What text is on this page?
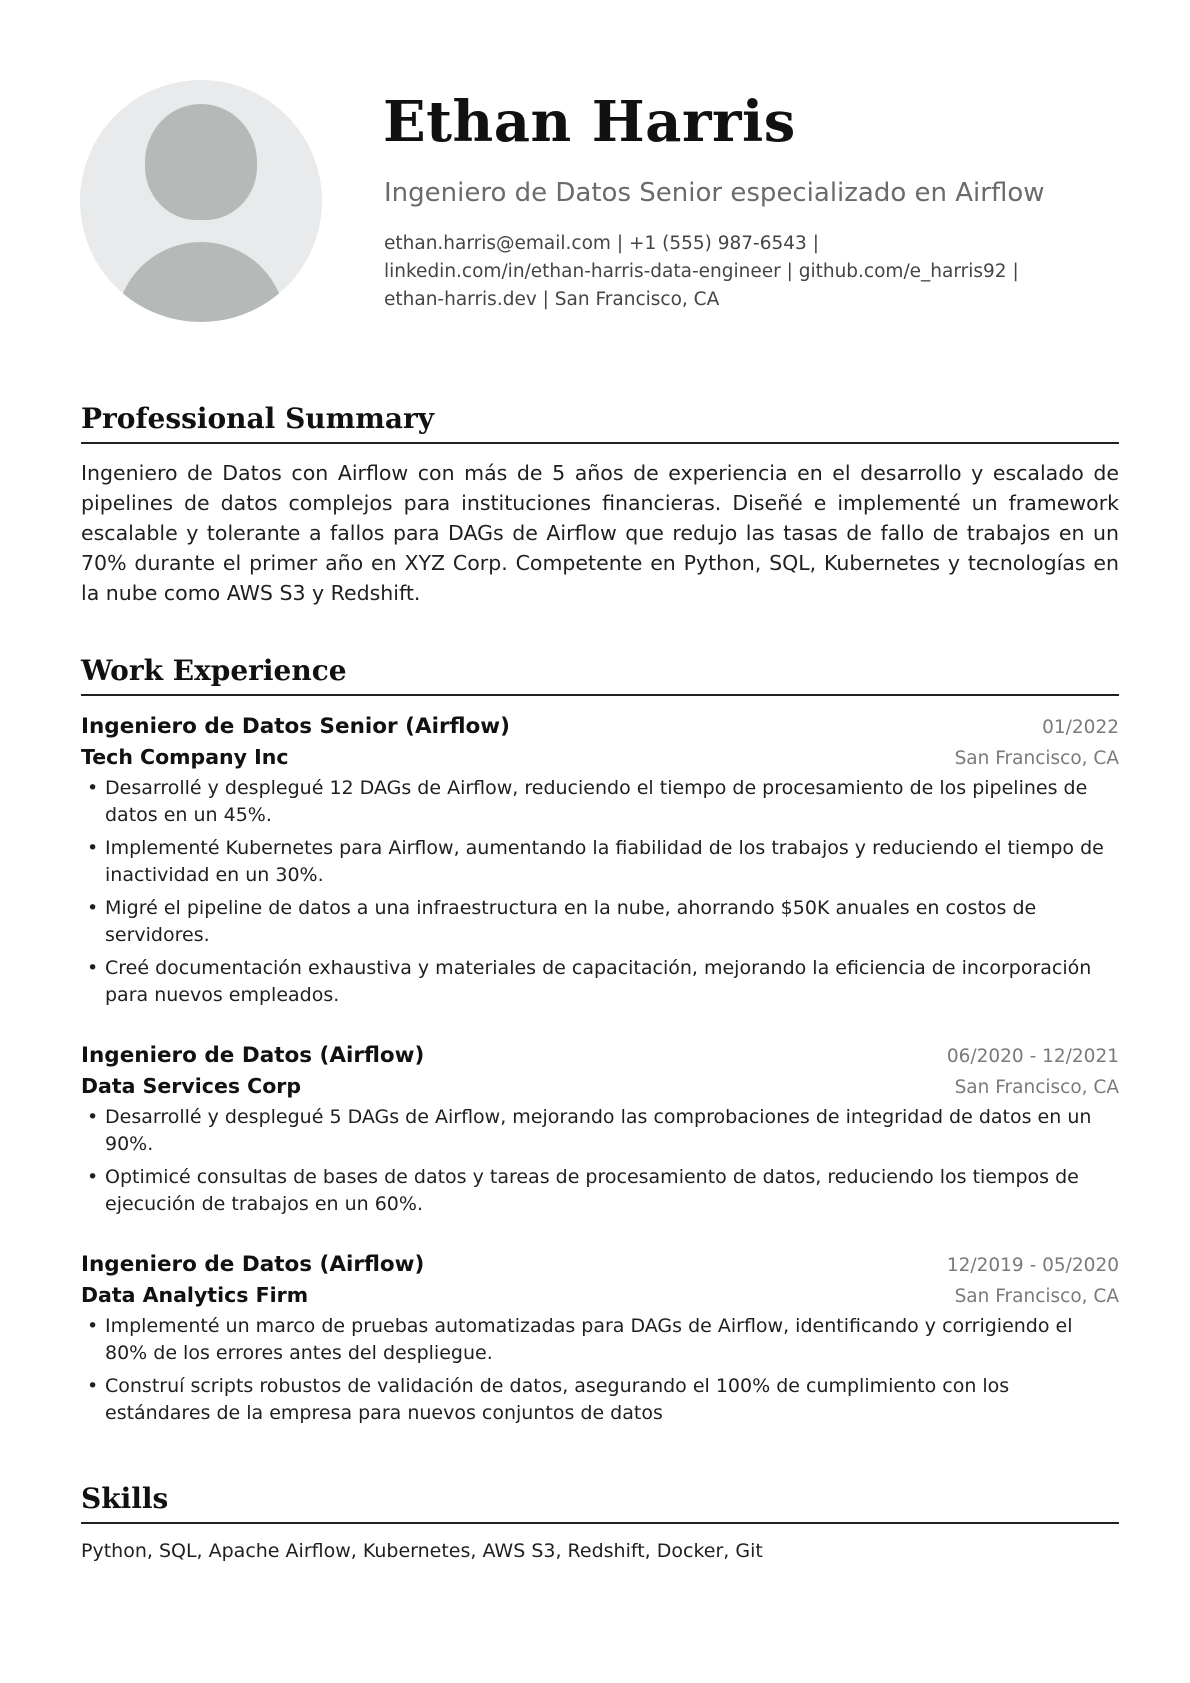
Ethan Harris
Ingeniero de Datos Senior especializado en Airflow
ethan.harris@email.com | +1 (555) 987-6543 |
linkedin.com/in/ethan-harris-data-engineer | github.com/e_harris92 |
ethan-harris.dev | San Francisco, CA
Professional Summary
Ingeniero de Datos con Airflow con más de 5 años de experiencia en el desarrollo y escalado de pipelines de datos complejos para instituciones financieras. Diseñé e implementé un framework escalable y tolerante a fallos para DAGs de Airflow que redujo las tasas de fallo de trabajos en un 70% durante el primer año en XYZ Corp. Competente en Python, SQL, Kubernetes y tecnologías en la nube como AWS S3 y Redshift.
Work Experience
Ingeniero de Datos Senior (Airflow)	01/2022
Tech Company Inc	San Francisco, CA
• Desarrollé y desplegué 12 DAGs de Airflow, reduciendo el tiempo de procesamiento de los pipelines de datos en un 45%.
• Implementé Kubernetes para Airflow, aumentando la fiabilidad de los trabajos y reduciendo el tiempo de inactividad en un 30%.
• Migré el pipeline de datos a una infraestructura en la nube, ahorrando $50K anuales en costos de servidores.
• Creé documentación exhaustiva y materiales de capacitación, mejorando la eficiencia de incorporación para nuevos empleados.
Ingeniero de Datos (Airflow)	06/2020 - 12/2021
Data Services Corp	San Francisco, CA
• Desarrollé y desplegué 5 DAGs de Airflow, mejorando las comprobaciones de integridad de datos en un 90%.
• Optimicé consultas de bases de datos y tareas de procesamiento de datos, reduciendo los tiempos de ejecución de trabajos en un 60%.
Ingeniero de Datos (Airflow)	12/2019 - 05/2020
Data Analytics Firm	San Francisco, CA
• Implementé un marco de pruebas automatizadas para DAGs de Airflow, identificando y corrigiendo el 80% de los errores antes del despliegue.
• Construí scripts robustos de validación de datos, asegurando el 100% de cumplimiento con los estándares de la empresa para nuevos conjuntos de datos
Skills
Python, SQL, Apache Airflow, Kubernetes, AWS S3, Redshift, Docker, Git
